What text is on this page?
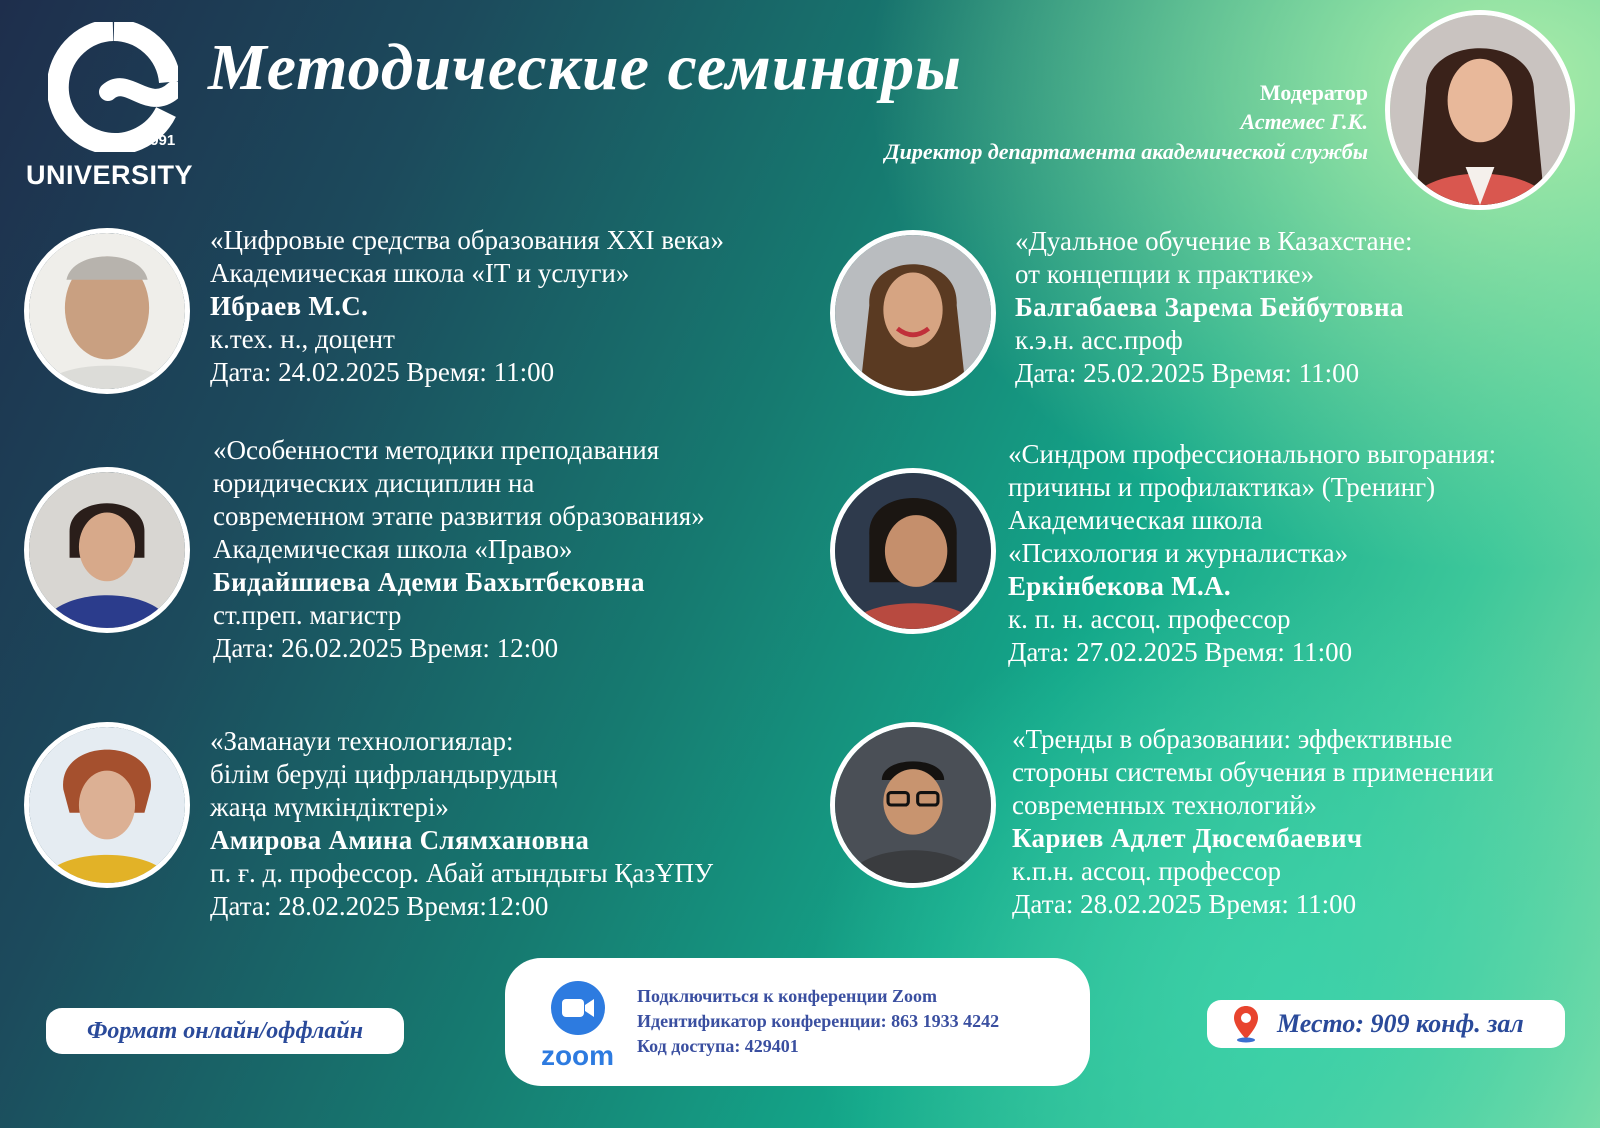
est 1991
UNIVERSITY
Методические семинары	Модератор
Астемес Г.К.
Директор департамента академической службы
«Цифровые средства образования XXI века»
Академическая школа «IT и услуги»
Ибраев М.С.
к.тех. н., доцент
Дата: 24.02.2025 Время: 11:00
«Дуальное обучение в Казахстане:
от концепции к практике»
Балгабаева Зарема Бейбутовна
к.э.н. асс.проф
Дата: 25.02.2025 Время: 11:00
«Особенности методики преподавания
юридических дисциплин на
современном этапе развития образования»
Академическая школа «Право»
Бидайшиева Адеми Бахытбековна
ст.преп. магистр
Дата: 26.02.2025 Время: 12:00
«Синдром профессионального выгорания:
причины и профилактика» (Тренинг)
Академическая школа
«Психология и журналистка»
Еркінбекова М.А.
к. п. н. ассоц. профессор
Дата: 27.02.2025 Время: 11:00
«Заманауи технологиялар:
білім беруді цифрландырудың
жаңа мүмкіндіктері»
Амирова Амина Слямхановна
п. ғ. д. профессор. Абай атындығы ҚазҰПУ
Дата: 28.02.2025 Время:12:00
«Тренды в образовании: эффективные
стороны системы обучения в применении
современных технологий»
Кариев Адлет Дюсембаевич
к.п.н. ассоц. профессор
Дата: 28.02.2025 Время: 11:00
Формат онлайн/оффлайн
zoom
Подключиться к конференции Zoom
Идентификатор конференции: 863 1933 4242
Код доступа: 429401
Место: 909 конф. зал
